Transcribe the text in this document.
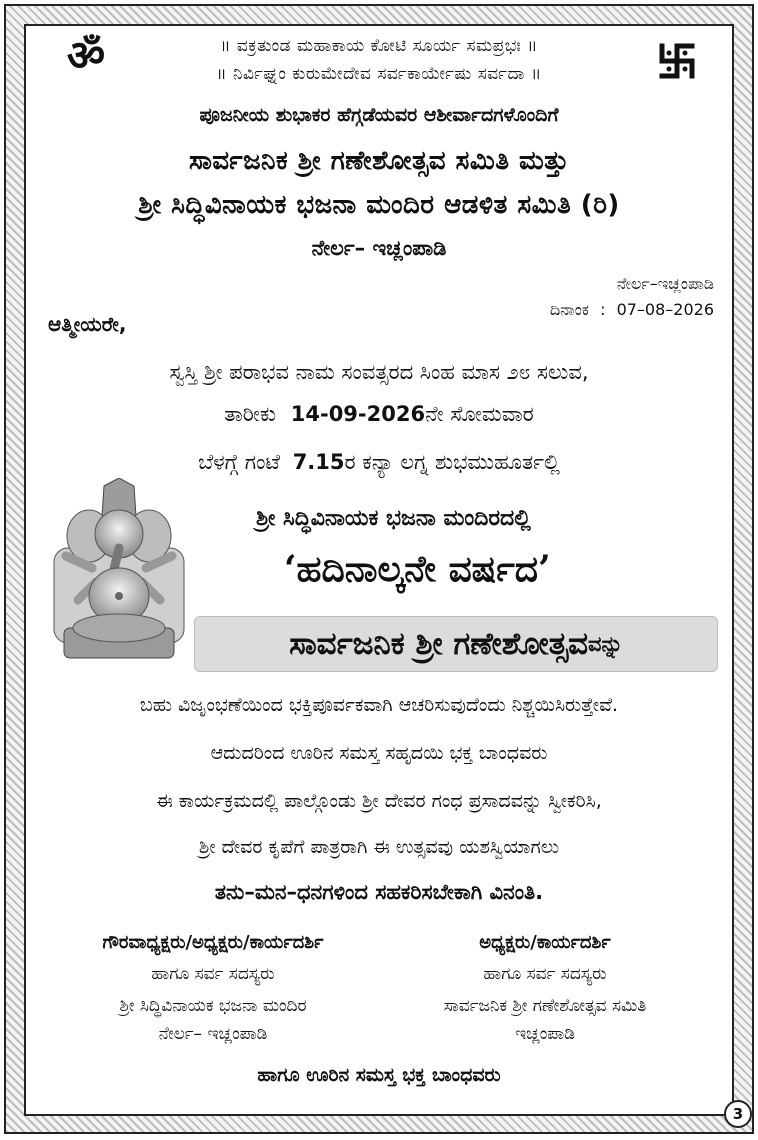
ॐ	॥ ವಕ್ರತುಂಡ ಮಹಾಕಾಯ ಕೋಟಿ ಸೂರ್ಯ ಸಮಪ್ರಭಃ ॥
॥ ನಿರ್ವಿಘ್ನಂ ಕುರುಮೇದೇವ ಸರ್ವಕಾರ್ಯೇಷು ಸರ್ವದಾ ॥
ಪೂಜನೀಯ ಶುಭಾಕರ ಹೆಗ್ಗಡೆಯವರ ಆಶೀರ್ವಾದಗಳೊಂದಿಗೆ
ಸಾರ್ವಜನಿಕ ಶ್ರೀ ಗಣೇಶೋತ್ಸವ ಸಮಿತಿ ಮತ್ತು
ಶ್ರೀ ಸಿದ್ಧಿವಿನಾಯಕ ಭಜನಾ ಮಂದಿರ ಆಡಳಿತ ಸಮಿತಿ (ರಿ)
ನೇರ್ಲ– ಇಚ್ಲಂಪಾಡಿ
ನೇರ್ಲ–ಇಚ್ಲಂಪಾಡಿ
ದಿನಾಂಕ : 07–08–2026
ಆತ್ಮೀಯರೇ,
ಸ್ವಸ್ತಿ ಶ್ರೀ ಪರಾಭವ ನಾಮ ಸಂವತ್ಸರದ ಸಿಂಹ ಮಾಸ ೨೮ ಸಲುವ,
ತಾರೀಕು 14-09-2026ನೇ ಸೋಮವಾರ
ಬೆಳಗ್ಗೆ ಗಂಟೆ 7.15ರ ಕನ್ಯಾ ಲಗ್ನ ಶುಭಮುಹೂರ್ತಲ್ಲಿ
ಶ್ರೀ ಸಿದ್ಧಿವಿನಾಯಕ ಭಜನಾ ಮಂದಿರದಲ್ಲಿ
‘ಹದಿನಾಲ್ಕನೇ ವರ್ಷದ’
ಸಾರ್ವಜನಿಕ ಶ್ರೀ ಗಣೇಶೋತ್ಸವ ವನ್ನು
ಬಹು ವಿಜೃಂಭಣೆಯಿಂದ ಭಕ್ತಿಪೂರ್ವಕವಾಗಿ ಆಚರಿಸುವುದೆಂದು ನಿಶ್ಚಯಿಸಿರುತ್ತೇವೆ.
ಆದುದರಿಂದ ಊರಿನ ಸಮಸ್ತ ಸಹೃದಯಿ ಭಕ್ತ ಬಾಂಧವರು
ಈ ಕಾರ್ಯಕ್ರಮದಲ್ಲಿ ಪಾಲ್ಗೊಂಡು ಶ್ರೀ ದೇವರ ಗಂಧ ಪ್ರಸಾದವನ್ನು ಸ್ವೀಕರಿಸಿ,
ಶ್ರೀ ದೇವರ ಕೃಪೆಗೆ ಪಾತ್ರರಾಗಿ ಈ ಉತ್ಸವವು ಯಶಸ್ವಿಯಾಗಲು
ತನು–ಮನ–ಧನಗಳಿಂದ ಸಹಕರಿಸಬೇಕಾಗಿ ವಿನಂತಿ.
ಗೌರವಾಧ್ಯಕ್ಷರು/ಅಧ್ಯಕ್ಷರು/ಕಾರ್ಯದರ್ಶಿ
ಹಾಗೂ ಸರ್ವ ಸದಸ್ಯರು
ಶ್ರೀ ಸಿದ್ಧಿವಿನಾಯಕ ಭಜನಾ ಮಂದಿರ
ನೇರ್ಲ– ಇಚ್ಲಂಪಾಡಿ
ಅಧ್ಯಕ್ಷರು/ಕಾರ್ಯದರ್ಶಿ
ಹಾಗೂ ಸರ್ವ ಸದಸ್ಯರು
ಸಾರ್ವಜನಿಕ ಶ್ರೀ ಗಣೇಶೋತ್ಸವ ಸಮಿತಿ
ಇಚ್ಲಂಪಾಡಿ
ಹಾಗೂ ಊರಿನ ಸಮಸ್ತ ಭಕ್ತ ಬಾಂಧವರು
3
